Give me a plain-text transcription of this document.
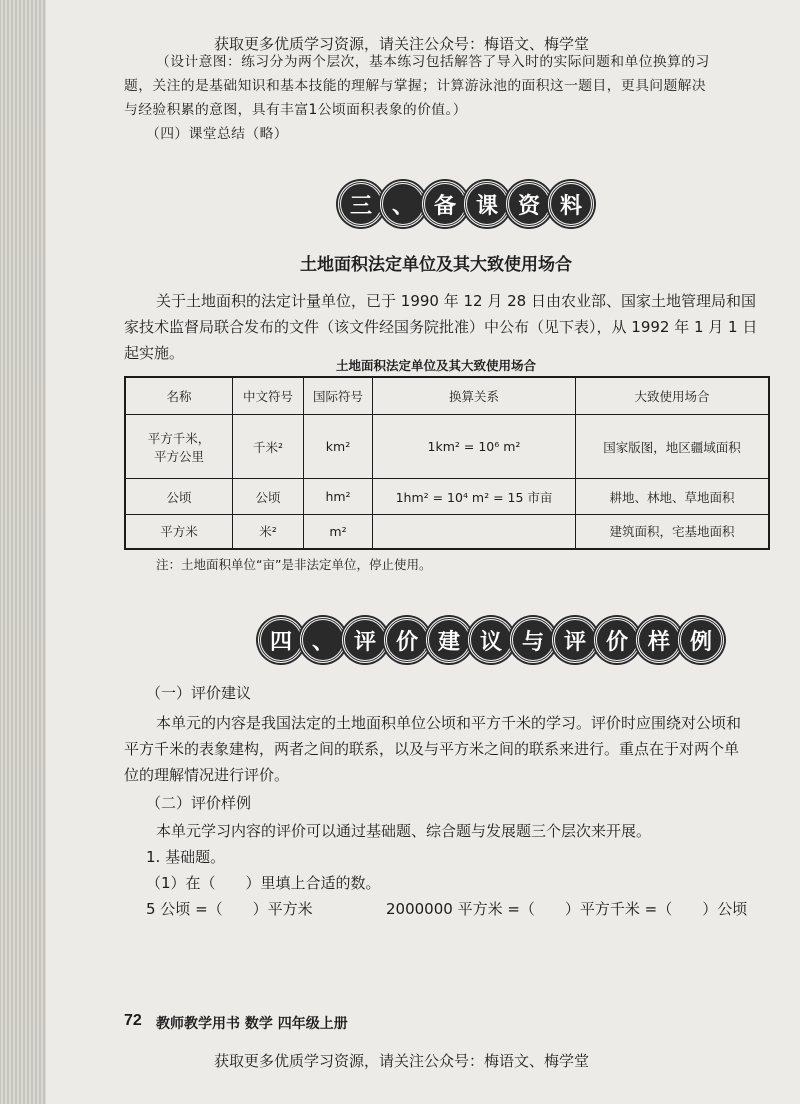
获取更多优质学习资源，请关注公众号：梅语文、梅学堂
（设计意图：练习分为两个层次，基本练习包括解答了导入时的实际问题和单位换算的习
题，关注的是基础知识和基本技能的理解与掌握；计算游泳池的面积这一题目，更具问题解决
与经验积累的意图，具有丰富1公顷面积表象的价值。）
（四）课堂总结（略）
三 、 备 课 资 料
土地面积法定单位及其大致使用场合
关于土地面积的法定计量单位，已于 1990 年 12 月 28 日由农业部、国家土地管理局和国
家技术监督局联合发布的文件（该文件经国务院批准）中公布（见下表），从 1992 年 1 月 1 日
起实施。
土地面积法定单位及其大致使用场合
名称	中文符号	国际符号	换算关系	大致使用场合

平方千米，
平方公里	千米²	km²	1km² = 10⁶ m²	国家版图，地区疆域面积
公顷	公顷	hm²	1hm² = 10⁴ m² = 15 市亩	耕地、林地、草地面积
平方米	米²	m²		建筑面积，宅基地面积
注：土地面积单位“亩”是非法定单位，停止使用。
四 、 评 价 建 议 与 评 价 样 例
（一）评价建议
本单元的内容是我国法定的土地面积单位公顷和平方千米的学习。评价时应围绕对公顷和
平方千米的表象建构，两者之间的联系，以及与平方米之间的联系来进行。重点在于对两个单
位的理解情况进行评价。
（二）评价样例
本单元学习内容的评价可以通过基础题、综合题与发展题三个层次来开展。
1. 基础题。
（1）在（　　）里填上合适的数。
5 公顷 =（　　）平方米	2000000 平方米 =（　　）平方千米 =（　　）公顷
72 教师教学用书 数学 四年级上册
获取更多优质学习资源，请关注公众号：梅语文、梅学堂
